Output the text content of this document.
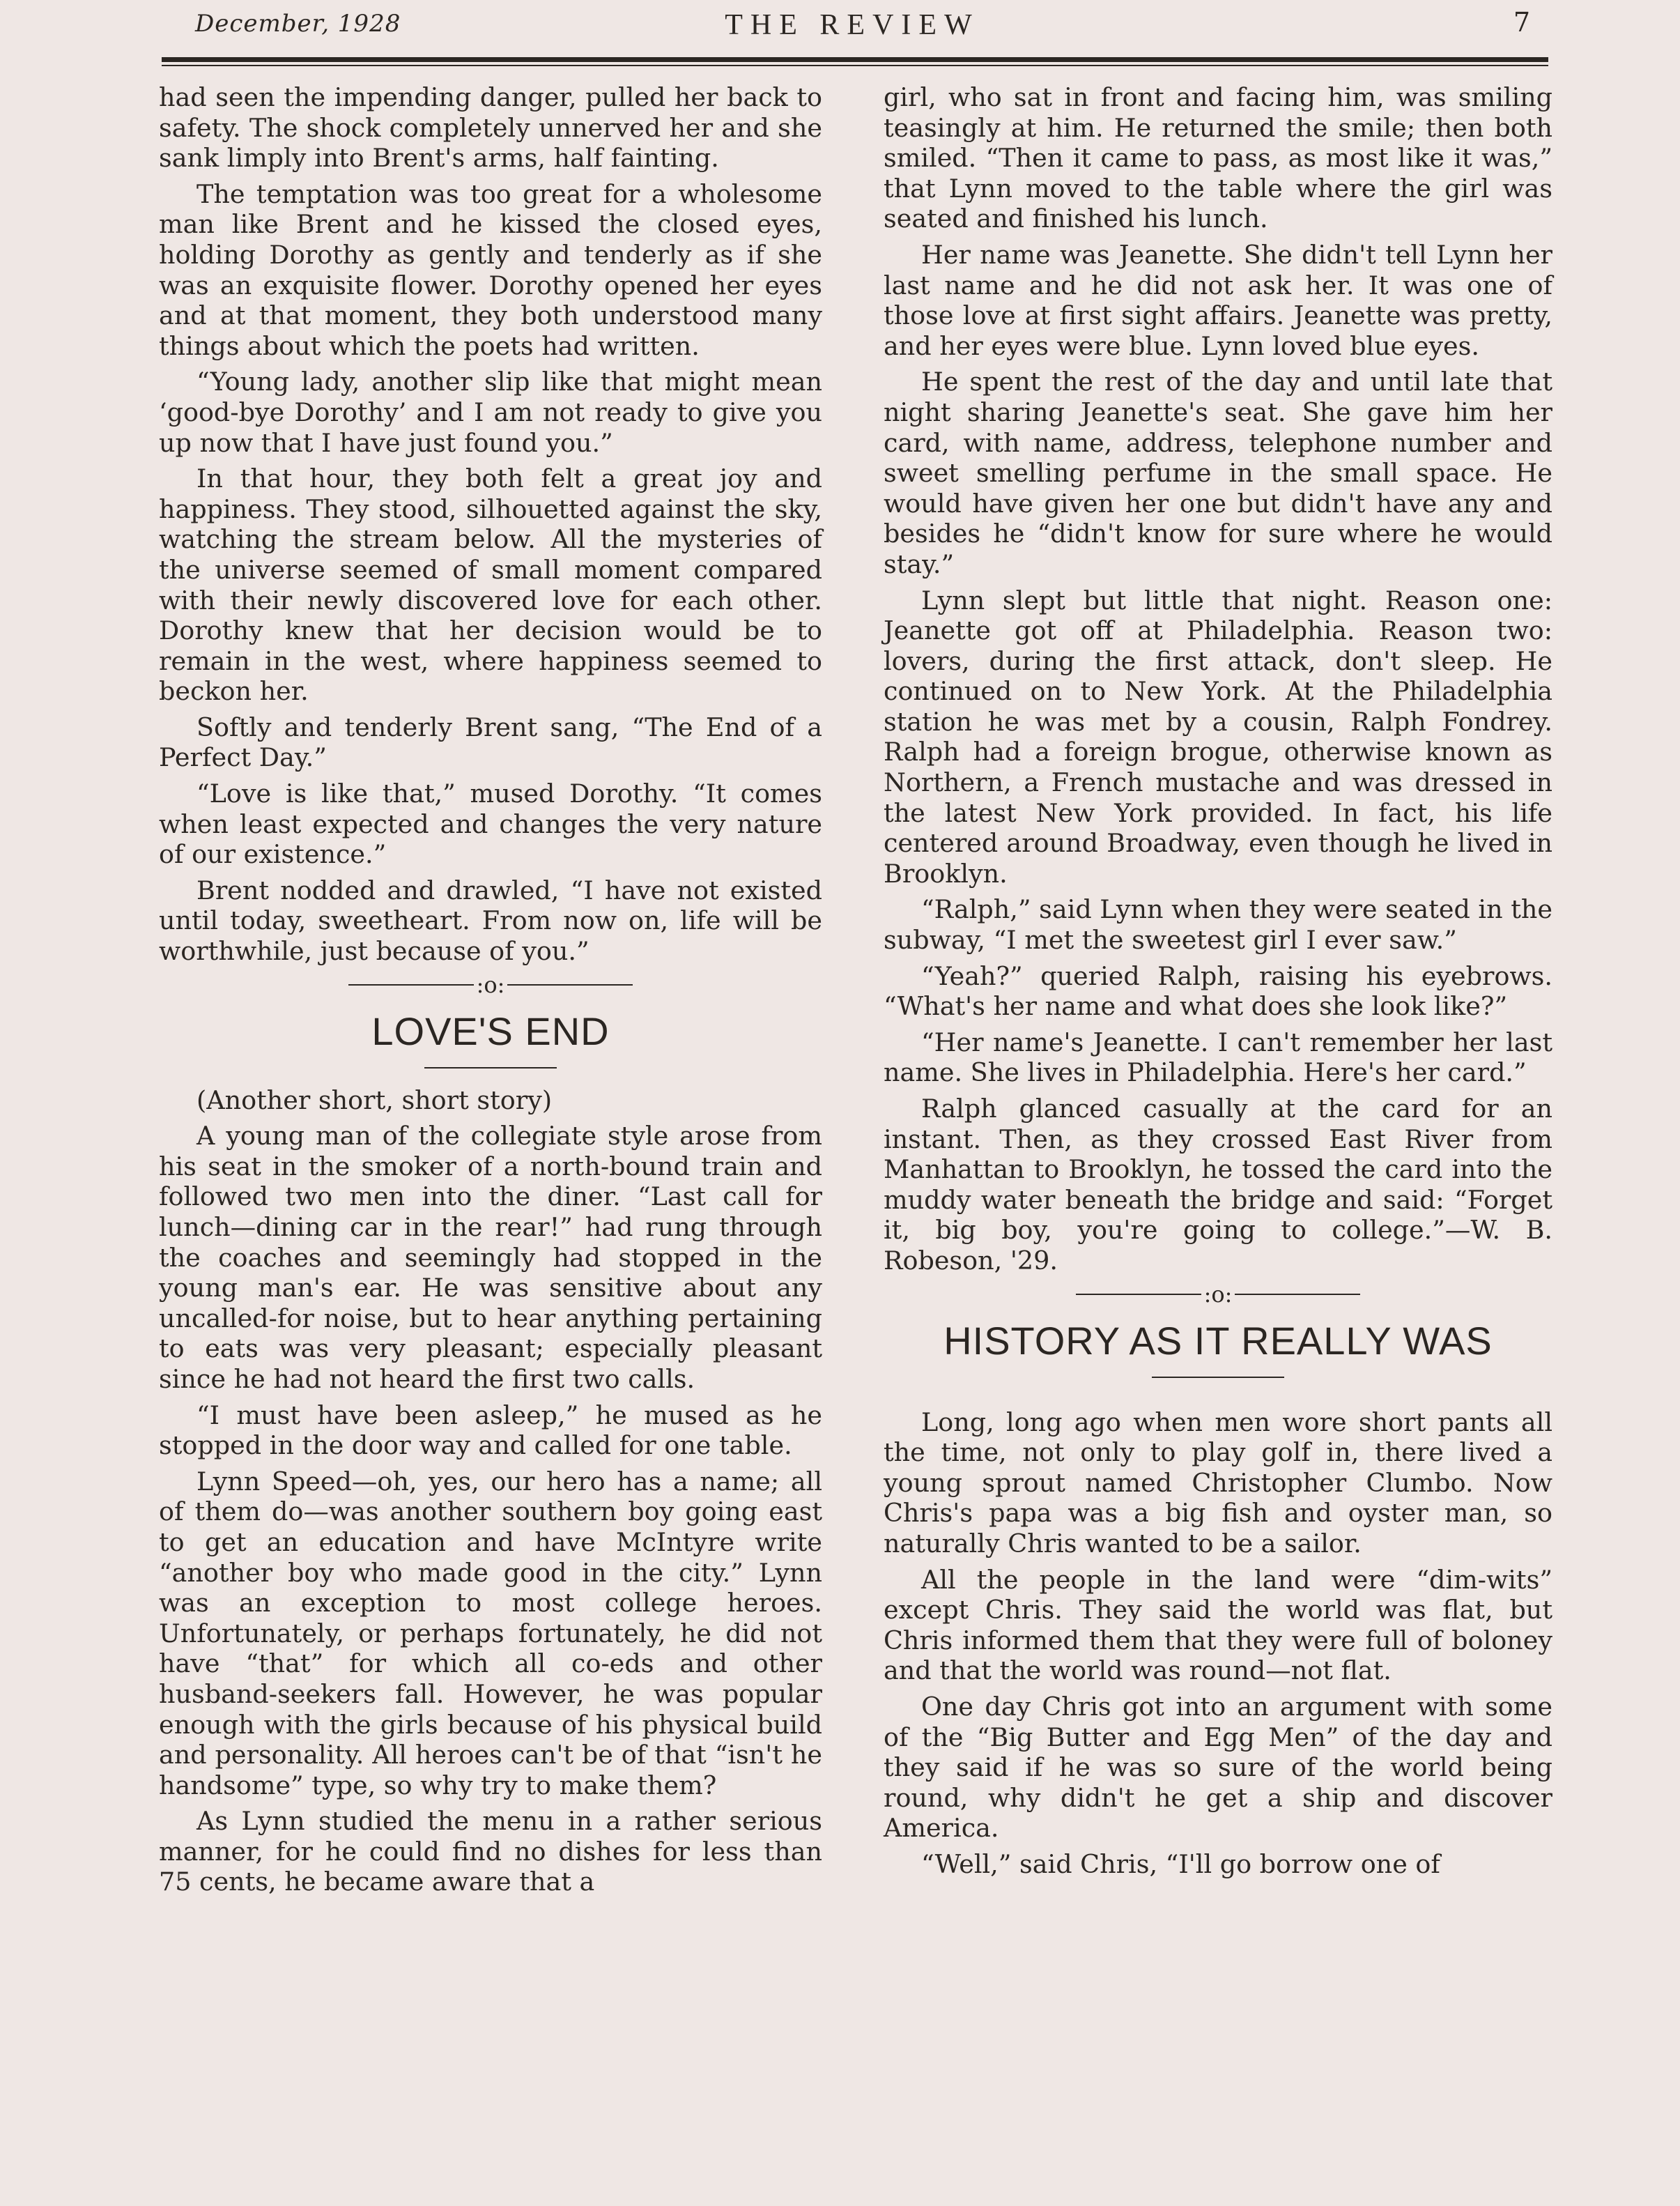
December, 1928	THE REVIEW	7

had seen the impending danger, pulled her back to safety. The shock completely unnerved her and she sank limply into Brent's arms, half fainting.

The temptation was too great for a wholesome man like Brent and he kissed the closed eyes, holding Dorothy as gently and tenderly as if she was an exquisite flower. Dorothy opened her eyes and at that moment, they both understood many things about which the poets had written.

“Young lady, another slip like that might mean ‘good-bye Dorothy’ and I am not ready to give you up now that I have just found you.”

In that hour, they both felt a great joy and happiness. They stood, silhouetted against the sky, watching the stream below. All the mysteries of the universe seemed of small moment compared with their newly discovered love for each other. Dorothy knew that her decision would be to remain in the west, where happiness seemed to beckon her.

Softly and tenderly Brent sang, “The End of a Perfect Day.”

“Love is like that,” mused Dorothy. “It comes when least expected and changes the very nature of our existence.”

Brent nodded and drawled, “I have not existed until today, sweetheart. From now on, life will be worthwhile, just because of you.”

:o:
LOVE'S END

(Another short, short story)

A young man of the collegiate style arose from his seat in the smoker of a north-bound train and followed two men into the diner. “Last call for lunch—dining car in the rear!” had rung through the coaches and seemingly had stopped in the young man's ear. He was sensitive about any uncalled-for noise, but to hear anything pertaining to eats was very pleasant; especially pleasant since he had not heard the first two calls.

“I must have been asleep,” he mused as he stopped in the door way and called for one table.

Lynn Speed—oh, yes, our hero has a name; all of them do—was another southern boy going east to get an education and have McIntyre write “another boy who made good in the city.” Lynn was an exception to most college heroes. Unfortunately, or perhaps fortunately, he did not have “that” for which all co-eds and other husband-seekers fall. However, he was popular enough with the girls because of his physical build and personality. All heroes can't be of that “isn't he handsome” type, so why try to make them?

As Lynn studied the menu in a rather serious manner, for he could find no dishes for less than 75 cents, he became aware that a

girl, who sat in front and facing him, was smiling teasingly at him. He returned the smile; then both smiled. “Then it came to pass, as most like it was,” that Lynn moved to the table where the girl was seated and finished his lunch.

Her name was Jeanette. She didn't tell Lynn her last name and he did not ask her. It was one of those love at first sight affairs. Jeanette was pretty, and her eyes were blue. Lynn loved blue eyes.

He spent the rest of the day and until late that night sharing Jeanette's seat. She gave him her card, with name, address, telephone number and sweet smelling perfume in the small space. He would have given her one but didn't have any and besides he “didn't know for sure where he would stay.”

Lynn slept but little that night. Reason one: Jeanette got off at Philadelphia. Reason two: lovers, during the first attack, don't sleep. He continued on to New York. At the Philadelphia station he was met by a cousin, Ralph Fondrey. Ralph had a foreign brogue, otherwise known as Northern, a French mustache and was dressed in the latest New York provided. In fact, his life centered around Broadway, even though he lived in Brooklyn.

“Ralph,” said Lynn when they were seated in the subway, “I met the sweetest girl I ever saw.”

“Yeah?” queried Ralph, raising his eyebrows. “What's her name and what does she look like?”

“Her name's Jeanette. I can't remember her last name. She lives in Philadelphia. Here's her card.”

Ralph glanced casually at the card for an instant. Then, as they crossed East River from Manhattan to Brooklyn, he tossed the card into the muddy water beneath the bridge and said: “Forget it, big boy, you're going to college.”—W. B. Robeson, '29.

:o:
HISTORY AS IT REALLY WAS

Long, long ago when men wore short pants all the time, not only to play golf in, there lived a young sprout named Christopher Clumbo. Now Chris's papa was a big fish and oyster man, so naturally Chris wanted to be a sailor.

All the people in the land were “dim-wits” except Chris. They said the world was flat, but Chris informed them that they were full of boloney and that the world was round—not flat.

One day Chris got into an argument with some of the “Big Butter and Egg Men” of the day and they said if he was so sure of the world being round, why didn't he get a ship and discover America.

“Well,” said Chris, “I'll go borrow one of
